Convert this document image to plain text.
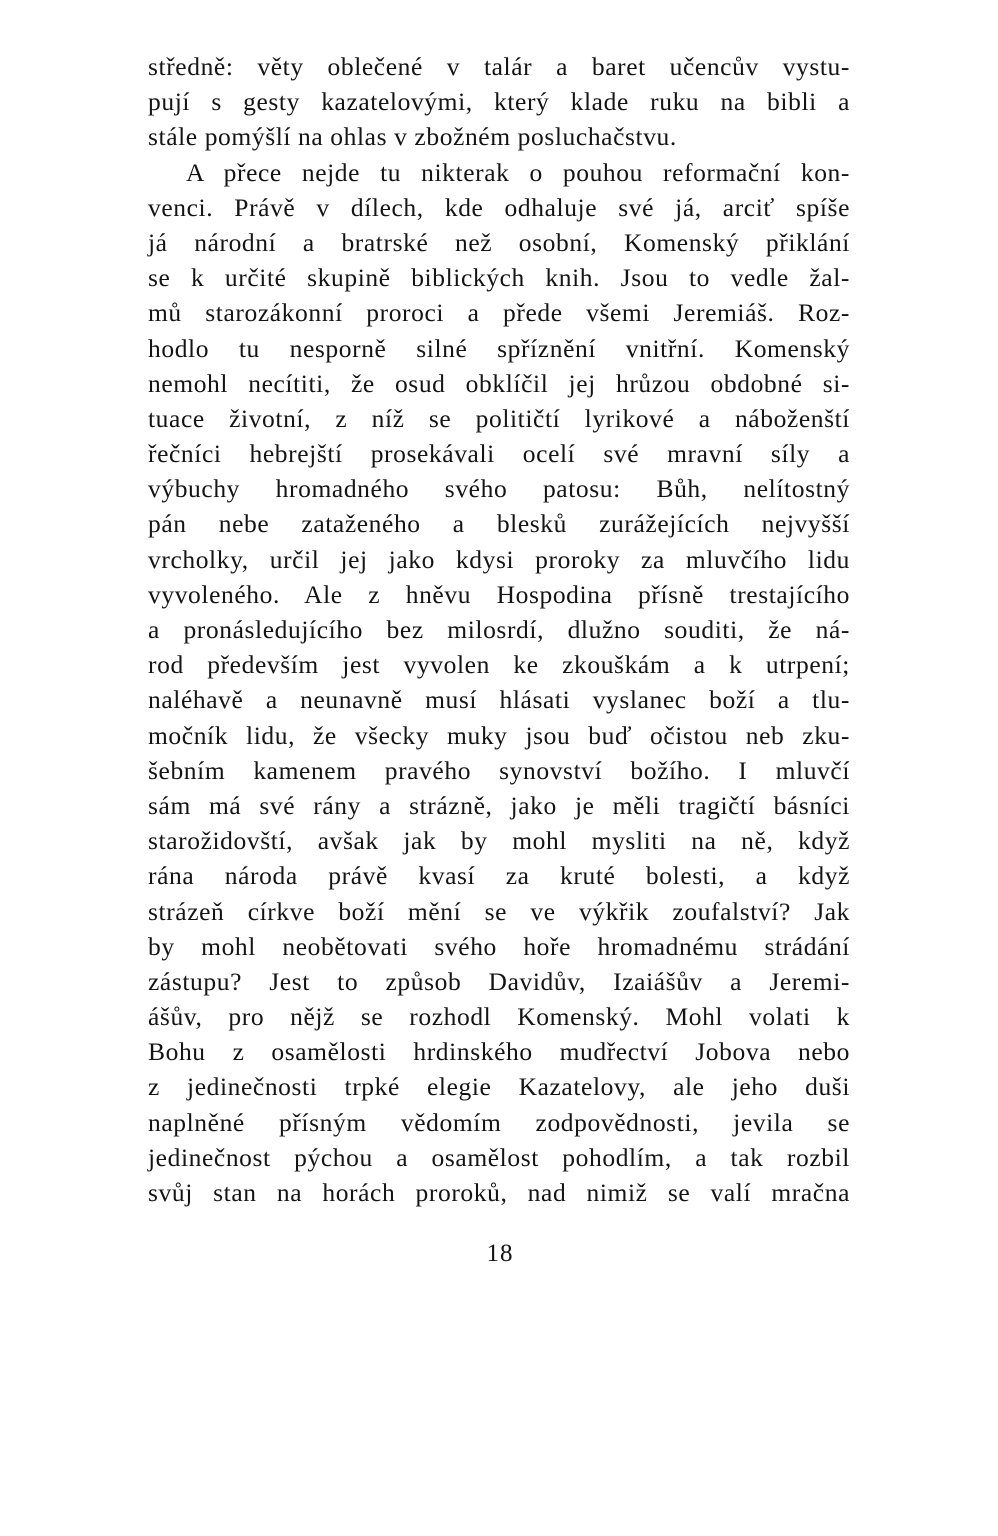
středně: věty oblečené v talár a baret učencův vystu-
pují s gesty kazatelovými, který klade ruku na bibli a
stále pomýšlí na ohlas v zbožném posluchačstvu.
A přece nejde tu nikterak o pouhou reformační kon-
venci. Právě v dílech, kde odhaluje své já, arciť spíše
já národní a bratrské než osobní, Komenský přiklání
se k určité skupině biblických knih. Jsou to vedle žal-
mů starozákonní proroci a přede všemi Jeremiáš. Roz-
hodlo tu nesporně silné spříznění vnitřní. Komenský
nemohl necítiti, že osud obklíčil jej hrůzou obdobné si-
tuace životní, z níž se političtí lyrikové a náboženští
řečníci hebrejští prosekávali ocelí své mravní síly a
výbuchy hromadného svého patosu: Bůh, nelítostný
pán nebe zataženého a blesků zurážejících nejvyšší
vrcholky, určil jej jako kdysi proroky za mluvčího lidu
vyvoleného. Ale z hněvu Hospodina přísně trestajícího
a pronásledujícího bez milosrdí, dlužno souditi, že ná-
rod především jest vyvolen ke zkouškám a k utrpení;
naléhavě a neunavně musí hlásati vyslanec boží a tlu-
močník lidu, že všecky muky jsou buď očistou neb zku-
šebním kamenem pravého synovství božího. I mluvčí
sám má své rány a strázně, jako je měli tragičtí básníci
starožidovští, avšak jak by mohl mysliti na ně, když
rána národa právě kvasí za kruté bolesti, a když
strázeň církve boží mění se ve výkřik zoufalství? Jak
by mohl neobětovati svého hoře hromadnému strádání
zástupu? Jest to způsob Davidův, Izaiášův a Jeremi-
ášův, pro nějž se rozhodl Komenský. Mohl volati k
Bohu z osamělosti hrdinského mudřectví Jobova nebo
z jedinečnosti trpké elegie Kazatelovy, ale jeho duši
naplněné přísným vědomím zodpovědnosti, jevila se
jedinečnost pýchou a osamělost pohodlím, a tak rozbil
svůj stan na horách proroků, nad nimiž se valí mračna
18
